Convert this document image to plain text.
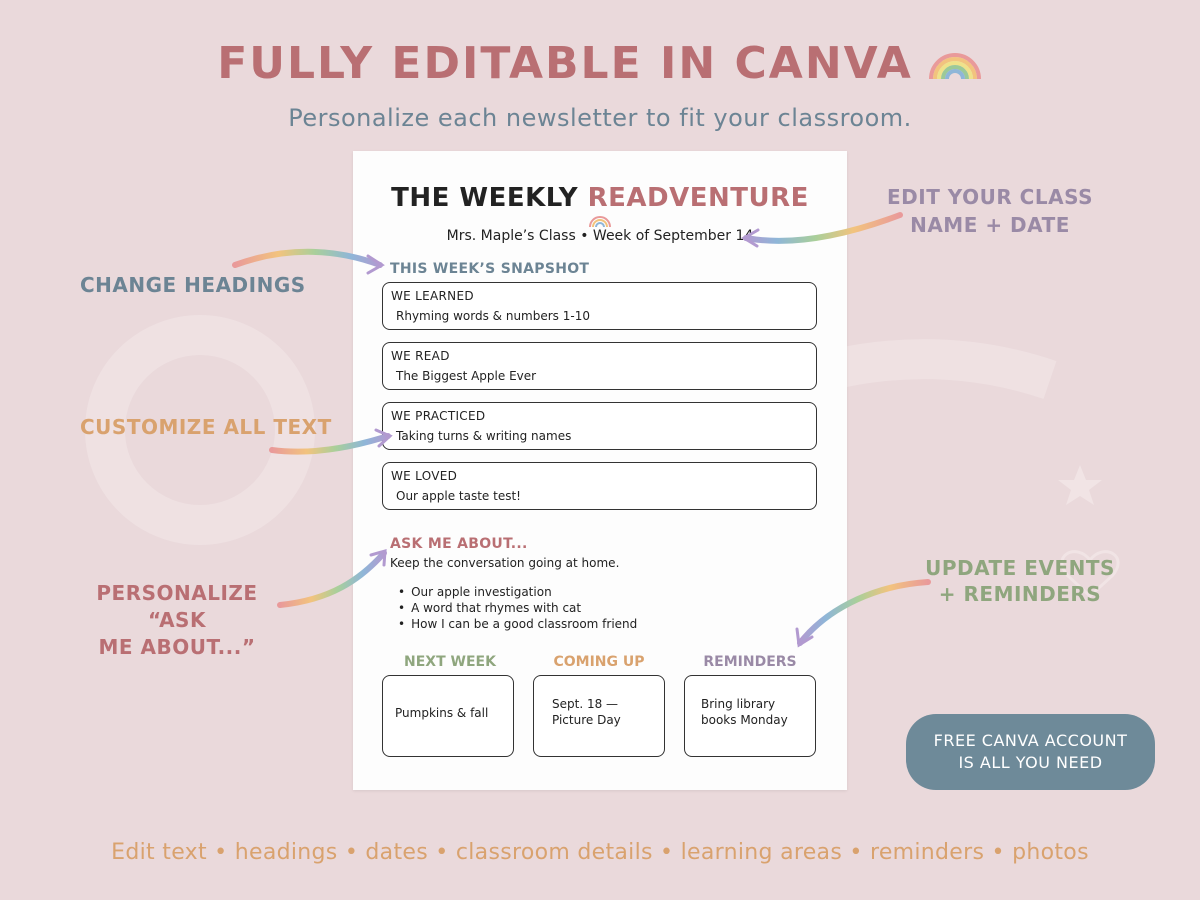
FULLY EDITABLE IN CANVA
Personalize each newsletter to fit your classroom.
THE WEEKLY READVENTURE
Mrs. Maple’s Class • Week of September 14
THIS WEEK’S SNAPSHOT
WE LEARNED
Rhyming words & numbers 1-10
WE READ
The Biggest Apple Ever
WE PRACTICED
Taking turns & writing names
WE LOVED
Our apple taste test!
ASK ME ABOUT...
Keep the conversation going at home.
• Our apple investigation
• A word that rhymes with cat
• How I can be a good classroom friend
NEXT WEEK	COMING UP	REMINDERS
Pumpkins & fall
Sept. 18 —
Picture Day
Bring library
books Monday
CHANGE HEADINGS
CUSTOMIZE ALL TEXT
PERSONALIZE “ASK
ME ABOUT...”
EDIT YOUR CLASS
NAME + DATE
UPDATE EVENTS
+ REMINDERS
FREE CANVA ACCOUNT
IS ALL YOU NEED
Edit text • headings • dates • classroom details • learning areas • reminders • photos
